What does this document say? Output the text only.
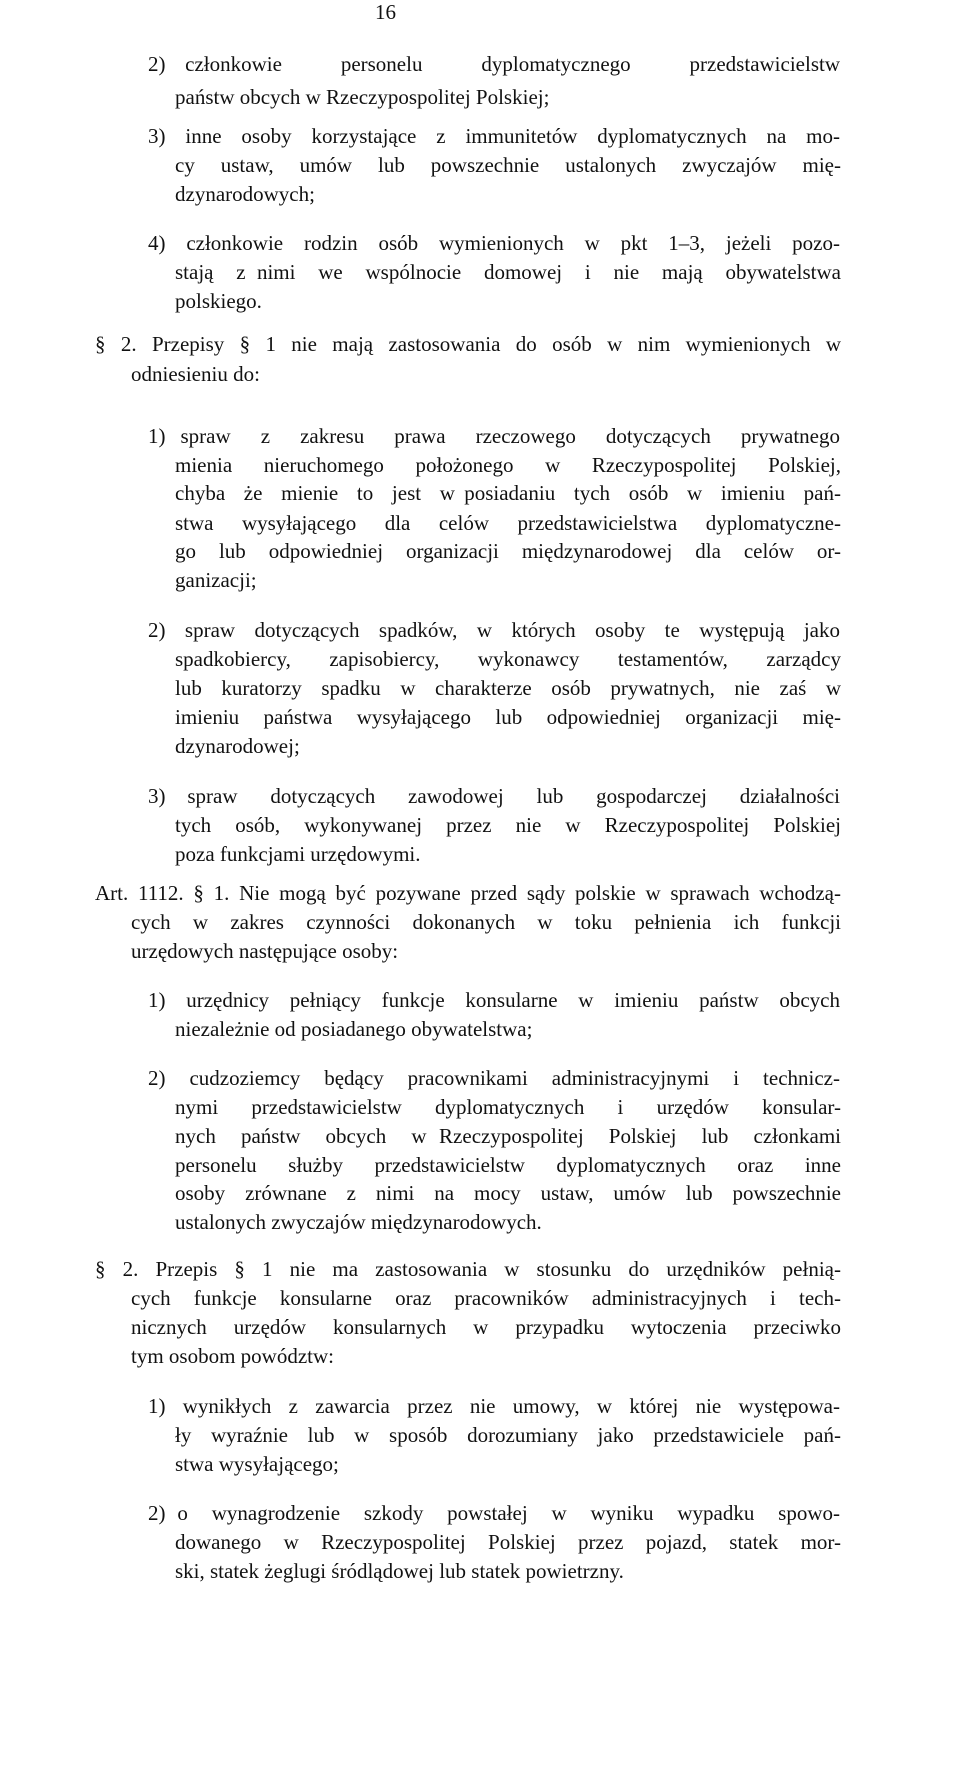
16
2) członkowie   personelu   dyplomatycznego   przedstawicielstw
państw obcych w Rzeczypospolitej Polskiej;
3) inne osoby korzystające z immunitetów dyplomatycznych na mo-
cy ustaw, umów lub powszechnie ustalonych zwyczajów mię-
dzynarodowych;
4) członkowie rodzin osób wymienionych w pkt 1–3, jeżeli pozo-
stają  z nimi  we  wspólnocie  domowej  i  nie  mają  obywatelstwa
polskiego.
§ 2. Przepisy § 1 nie mają zastosowania do osób w nim wymienionych w
odniesieniu do:
1) spraw  z  zakresu  prawa  rzeczowego  dotyczących  prywatnego
mienia  nieruchomego  położonego  w  Rzeczypospolitej  Polskiej,
chyba  że  mienie  to  jest  w posiadaniu  tych  osób  w  imieniu  pań-
stwa wysyłającego dla celów przedstawicielstwa dyplomatyczne-
go lub odpowiedniej organizacji międzynarodowej dla celów or-
ganizacji;
2) spraw dotyczących spadków, w których osoby te występują jako
spadkobiercy,  zapisobiercy,  wykonawcy  testamentów,  zarządcy
lub kuratorzy spadku w charakterze osób prywatnych, nie zaś w
imieniu państwa wysyłającego lub odpowiedniej organizacji mię-
dzynarodowej;
3)  spraw   dotyczących   zawodowej   lub   gospodarczej   działalności
tych  osób,  wykonywanej  przez  nie  w  Rzeczypospolitej  Polskiej
poza funkcjami urzędowymi.
Art. 1112. § 1. Nie mogą być pozywane przed sądy polskie w sprawach wchodzą-
cych  w  zakres  czynności  dokonanych  w  toku  pełnienia  ich  funkcji
urzędowych następujące osoby:
1)  urzędnicy  pełniący  funkcje  konsularne  w  imieniu  państw  obcych
niezależnie od posiadanego obywatelstwa;
2) cudzoziemcy będący pracownikami administracyjnymi i technicz-
nymi  przedstawicielstw  dyplomatycznych  i  urzędów  konsular-
nych  państw  obcych  w Rzeczypospolitej  Polskiej  lub  członkami
personelu  służby  przedstawicielstw  dyplomatycznych  oraz  inne
osoby  zrównane  z  nimi  na  mocy  ustaw,  umów  lub  powszechnie
ustalonych zwyczajów międzynarodowych.
§ 2. Przepis § 1 nie ma zastosowania w stosunku do urzędników pełnią-
cych funkcje konsularne oraz pracowników administracyjnych i tech-
nicznych  urzędów  konsularnych  w  przypadku  wytoczenia  przeciwko
tym osobom powództw:
1) wynikłych z zawarcia przez nie umowy, w której nie występowa-
ły  wyraźnie  lub  w  sposób  dorozumiany  jako  przedstawiciele  pań-
stwa wysyłającego;
2) o  wynagrodzenie  szkody  powstałej  w  wyniku  wypadku  spowo-
dowanego  w  Rzeczypospolitej  Polskiej  przez  pojazd,  statek  mor-
ski, statek żeglugi śródlądowej lub statek powietrzny.
